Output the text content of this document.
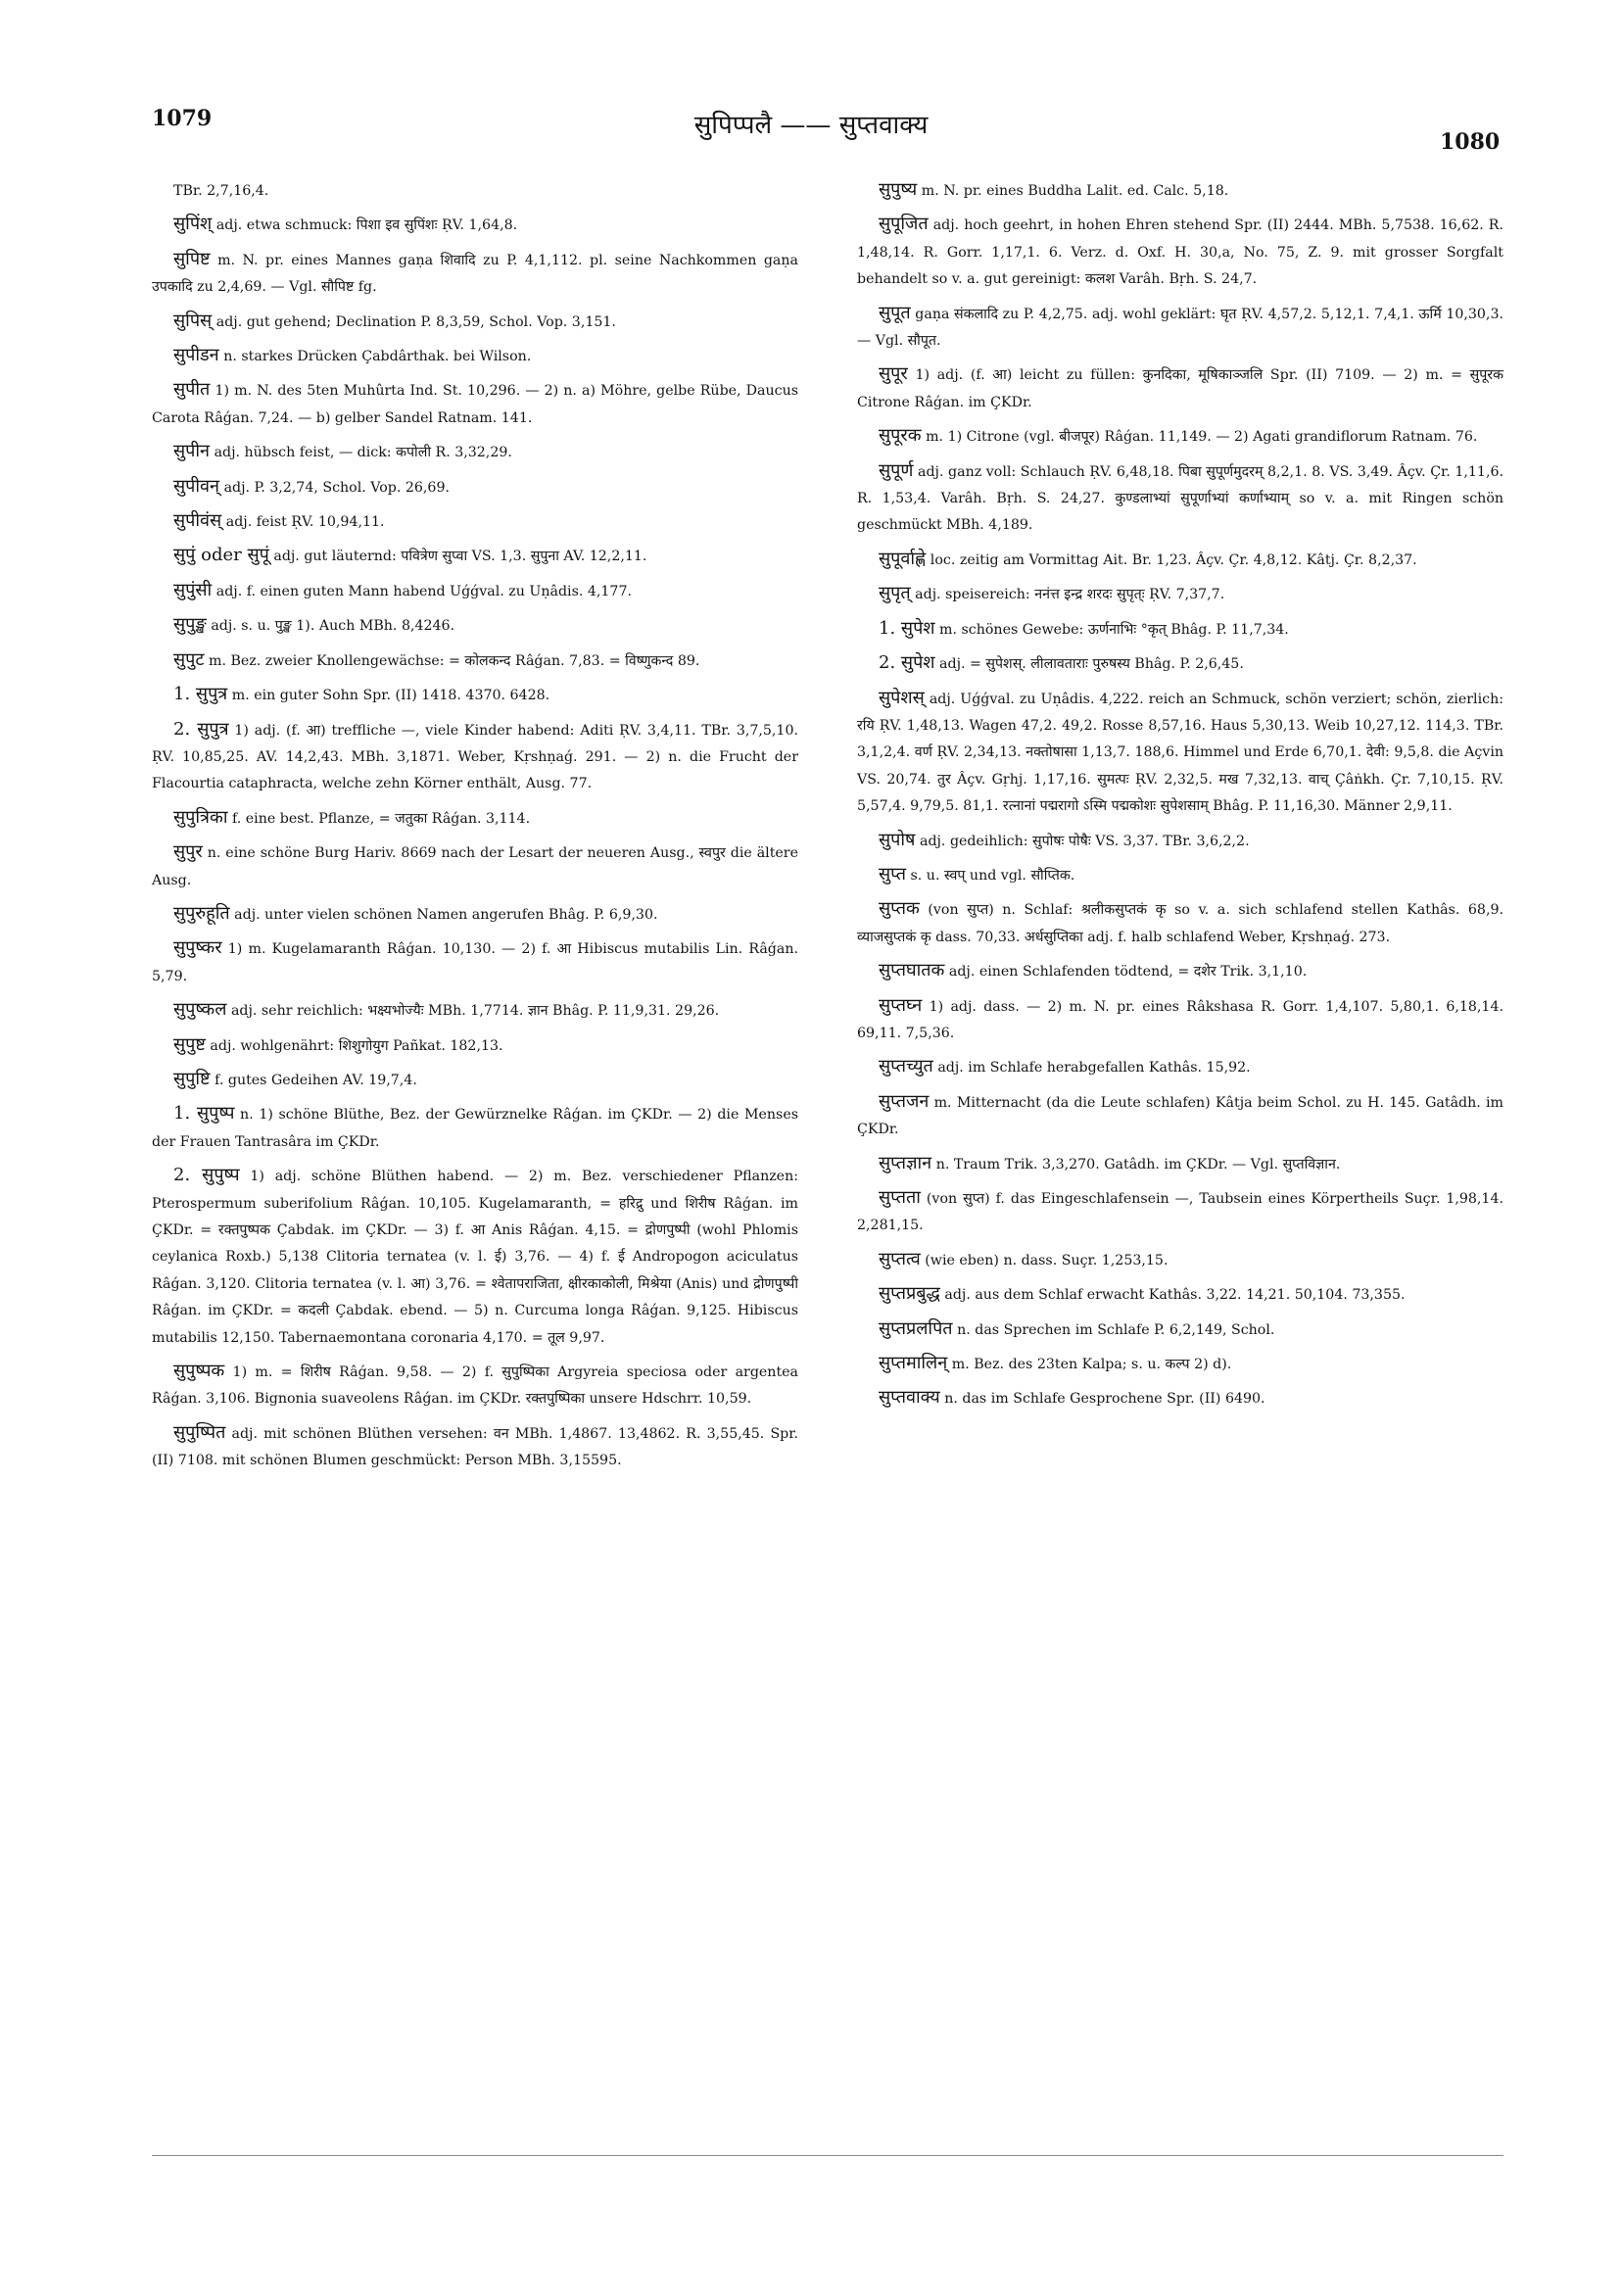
1079	सुपिप्पलै —— सुप्तवाक्य
1080

TBr. 2,7,16,4.

सुपिंश् adj. etwa schmuck: पिशा इव सुपिंशः ṚV. 1,64,8.

सुपिष्ट m. N. pr. eines Mannes gaṇa शिवादि zu P. 4,1,112. pl. seine Nachkommen gaṇa उपकादि zu 2,4,69. — Vgl. सौपिष्ट fg.

सुपिस् adj. gut gehend; Declination P. 8,3,59, Schol. Vop. 3,151.

सुपीडन n. starkes Drücken Çabdârthak. bei Wilson.

सुपीत 1) m. N. des 5ten Muhûrta Ind. St. 10,296. — 2) n. a) Möhre, gelbe Rübe, Daucus Carota Râǵan. 7,24. — b) gelber Sandel Ratnam. 141.

सुपीन adj. hübsch feist, — dick: कपोली R. 3,32,29.

सुपीवन् adj. P. 3,2,74, Schol. Vop. 26,69.

सुपीवंस् adj. feist ṚV. 10,94,11.

सुपुं oder सुपूं adj. gut läuternd: पवित्रेण सुप्वा VS. 1,3. सुपुना AV. 12,2,11.

सुपुंसी adj. f. einen guten Mann habend Uǵǵval. zu Uṇâdis. 4,177.

सुपुङ्ख adj. s. u. पुङ्ख 1). Auch MBh. 8,4246.

सुपुट m. Bez. zweier Knollengewächse: = कोलकन्द Râǵan. 7,83. = विष्णुकन्द 89.

1. सुपुत्र m. ein guter Sohn Spr. (II) 1418. 4370. 6428.

2. सुपुत्र 1) adj. (f. आ) treffliche —, viele Kinder habend: Aditi ṚV. 3,4,11. TBr. 3,7,5,10. ṚV. 10,85,25. AV. 14,2,43. MBh. 3,1871. Weber, Kṛshṇaǵ. 291. — 2) n. die Frucht der Flacourtia cataphracta, welche zehn Körner enthält, Ausg. 77.

सुपुत्रिका f. eine best. Pflanze, = जतुका Râǵan. 3,114.

सुपुर n. eine schöne Burg Hariv. 8669 nach der Lesart der neueren Ausg., स्वपुर die ältere Ausg.

सुपुरुहूति adj. unter vielen schönen Namen angerufen Bhâg. P. 6,9,30.

सुपुष्कर 1) m. Kugelamaranth Râǵan. 10,130. — 2) f. आ Hibiscus mutabilis Lin. Râǵan. 5,79.

सुपुष्कल adj. sehr reichlich: भक्ष्यभोज्यैः MBh. 1,7714. ज्ञान Bhâg. P. 11,9,31. 29,26.

सुपुष्ट adj. wohlgenährt: शिशुगोयुग Pañkat. 182,13.

सुपुष्टि f. gutes Gedeihen AV. 19,7,4.

1. सुपुष्प n. 1) schöne Blüthe, Bez. der Gewürznelke Râǵan. im ÇKDr. — 2) die Menses der Frauen Tantrasâra im ÇKDr.

2. सुपुष्प 1) adj. schöne Blüthen habend. — 2) m. Bez. verschiedener Pflanzen: Pterospermum suberifolium Râǵan. 10,105. Kugelamaranth, = हरिद्रु und शिरीष Râǵan. im ÇKDr. = रक्तपुष्पक Çabdak. im ÇKDr. — 3) f. आ Anis Râǵan. 4,15. = द्रोणपुष्पी (wohl Phlomis ceylanica Roxb.) 5,138 Clitoria ternatea (v. l. ई) 3,76. — 4) f. ई Andropogon aciculatus Râǵan. 3,120. Clitoria ternatea (v. l. आ) 3,76. = श्वेतापराजिता, क्षीरकाकोली, मिश्रेया (Anis) und द्रोणपुष्पी Râǵan. im ÇKDr. = कदली Çabdak. ebend. — 5) n. Curcuma longa Râǵan. 9,125. Hibiscus mutabilis 12,150. Tabernaemontana coronaria 4,170. = तूल 9,97.

सुपुष्पक 1) m. = शिरीष Râǵan. 9,58. — 2) f. सुपुष्पिका Argyreia speciosa oder argentea Râǵan. 3,106. Bignonia suaveolens Râǵan. im ÇKDr. रक्तपुष्पिका unsere Hdschrr. 10,59.

सुपुष्पित adj. mit schönen Blüthen versehen: वन MBh. 1,4867. 13,4862. R. 3,55,45. Spr. (II) 7108. mit schönen Blumen geschmückt: Person MBh. 3,15595.

सुपुष्य m. N. pr. eines Buddha Lalit. ed. Calc. 5,18.

सुपूजित adj. hoch geehrt, in hohen Ehren stehend Spr. (II) 2444. MBh. 5,7538. 16,62. R. 1,48,14. R. Gorr. 1,17,1. 6. Verz. d. Oxf. H. 30,a, No. 75, Z. 9. mit grosser Sorgfalt behandelt so v. a. gut gereinigt: कलश Varâh. Bṛh. S. 24,7.

सुपूत gaṇa संकलादि zu P. 4,2,75. adj. wohl geklärt: घृत ṚV. 4,57,2. 5,12,1. 7,4,1. ऊर्मि 10,30,3. — Vgl. सौपूत.

सुपूर 1) adj. (f. आ) leicht zu füllen: कुनदिका, मूषिकाञ्जलि Spr. (II) 7109. — 2) m. = सुपूरक Citrone Râǵan. im ÇKDr.

सुपूरक m. 1) Citrone (vgl. बीजपूर) Râǵan. 11,149. — 2) Agati grandiflorum Ratnam. 76.

सुपूर्ण adj. ganz voll: Schlauch ṚV. 6,48,18. पिबा सुपूर्णमुदरम् 8,2,1. 8. VS. 3,49. Âçv. Çr. 1,11,6. R. 1,53,4. Varâh. Bṛh. S. 24,27. कुण्डलाभ्यां सुपूर्णाभ्यां कर्णाभ्याम् so v. a. mit Ringen schön geschmückt MBh. 4,189.

सुपूर्वाह्णे loc. zeitig am Vormittag Ait. Br. 1,23. Âçv. Çr. 4,8,12. Kâtj. Çr. 8,2,37.

सुपृत् adj. speisereich: ननंत्त इन्द्र शरदः सुपृत्ः ṚV. 7,37,7.

1. सुपेश m. schönes Gewebe: ऊर्णनाभिः °कृत् Bhâg. P. 11,7,34.

2. सुपेश adj. = सुपेशस्. लीलावताराः पुरुषस्य Bhâg. P. 2,6,45.

सुपेशस् adj. Uǵǵval. zu Uṇâdis. 4,222. reich an Schmuck, schön verziert; schön, zierlich: रयि ṚV. 1,48,13. Wagen 47,2. 49,2. Rosse 8,57,16. Haus 5,30,13. Weib 10,27,12. 114,3. TBr. 3,1,2,4. वर्ण ṚV. 2,34,13. नक्तोषासा 1,13,7. 188,6. Himmel und Erde 6,70,1. देवी: 9,5,8. die Açvin VS. 20,74. तुर Âçv. Gṛhj. 1,17,16. सुमत्पः ṚV. 2,32,5. मख 7,32,13. वाच् Çâṅkh. Çr. 7,10,15. ṚV. 5,57,4. 9,79,5. 81,1. रत्नानां पद्मरागो ऽस्मि पद्मकोशः सुपेशसाम् Bhâg. P. 11,16,30. Männer 2,9,11.

सुपोष adj. gedeihlich: सुपोषः पोषैः VS. 3,37. TBr. 3,6,2,2.

सुप्त s. u. स्वप् und vgl. सौप्तिक.

सुप्तक (von सुप्त) n. Schlaf: श्रलीकसुप्तकं कृ so v. a. sich schlafend stellen Kathâs. 68,9. व्याजसुप्तकं कृ dass. 70,33. अर्धसुप्तिका adj. f. halb schlafend Weber, Kṛshṇaǵ. 273.

सुप्तघातक adj. einen Schlafenden tödtend, = दशेर Trik. 3,1,10.

सुप्तघ्न 1) adj. dass. — 2) m. N. pr. eines Râkshasa R. Gorr. 1,4,107. 5,80,1. 6,18,14. 69,11. 7,5,36.

सुप्तच्युत adj. im Schlafe herabgefallen Kathâs. 15,92.

सुप्तजन m. Mitternacht (da die Leute schlafen) Kâtja beim Schol. zu H. 145. Gatâdh. im ÇKDr.

सुप्तज्ञान n. Traum Trik. 3,3,270. Gatâdh. im ÇKDr. — Vgl. सुप्तविज्ञान.

सुप्तता (von सुप्त) f. das Eingeschlafensein —, Taubsein eines Körpertheils Suçr. 1,98,14. 2,281,15.

सुप्तत्व (wie eben) n. dass. Suçr. 1,253,15.

सुप्तप्रबुद्ध adj. aus dem Schlaf erwacht Kathâs. 3,22. 14,21. 50,104. 73,355.

सुप्तप्रलपित n. das Sprechen im Schlafe P. 6,2,149, Schol.

सुप्तमालिन् m. Bez. des 23ten Kalpa; s. u. कल्प 2) d).

सुप्तवाक्य n. das im Schlafe Gesprochene Spr. (II) 6490.
